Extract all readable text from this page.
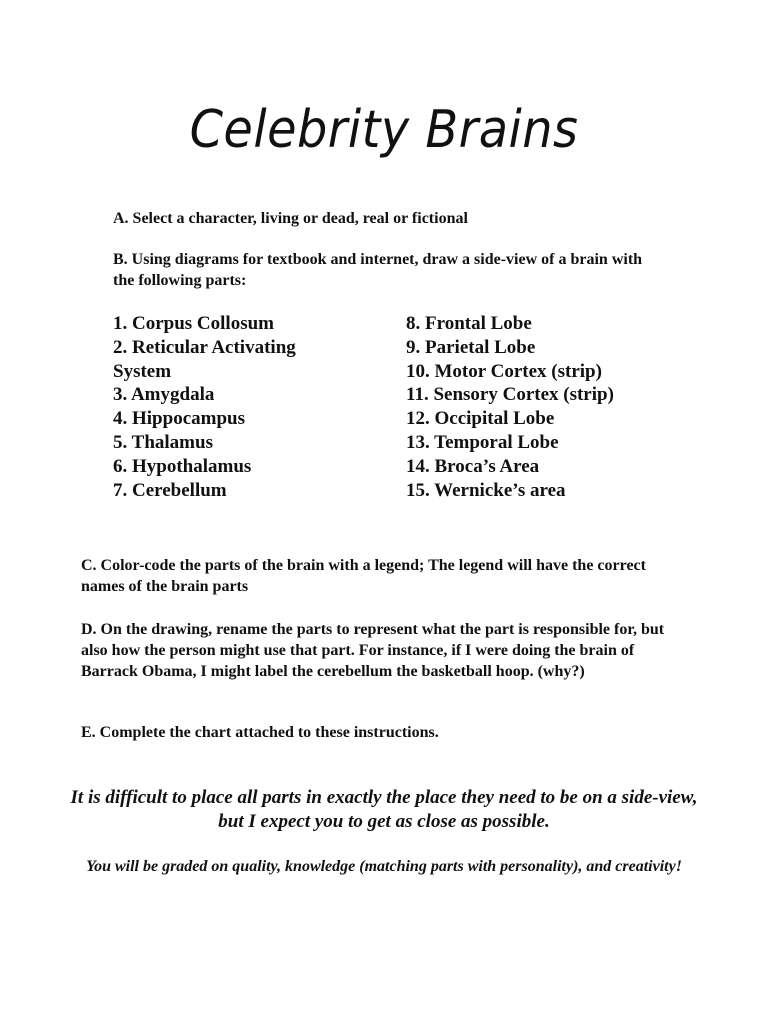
Celebrity Brains

A. Select a character, living or dead, real or fictional

B. Using diagrams for textbook and internet, draw a side-view of a brain with the following parts:

1. Corpus Collosum
2. Reticular Activating System
3. Amygdala
4. Hippocampus
5. Thalamus
6. Hypothalamus
7. Cerebellum
8. Frontal Lobe
9. Parietal Lobe
10. Motor Cortex (strip)
11. Sensory Cortex (strip)
12. Occipital Lobe
13. Temporal Lobe
14. Broca’s Area
15. Wernicke’s area

C. Color-code the parts of the brain with a legend; The legend will have the correct names of the brain parts

D. On the drawing, rename the parts to represent what the part is responsible for, but also how the person might use that part. For instance, if I were doing the brain of Barrack Obama, I might label the cerebellum the basketball hoop. (why?)

E. Complete the chart attached to these instructions.

It is difficult to place all parts in exactly the place they need to be on a side-view, but I expect you to get as close as possible.

You will be graded on quality, knowledge (matching parts with personality), and creativity!
